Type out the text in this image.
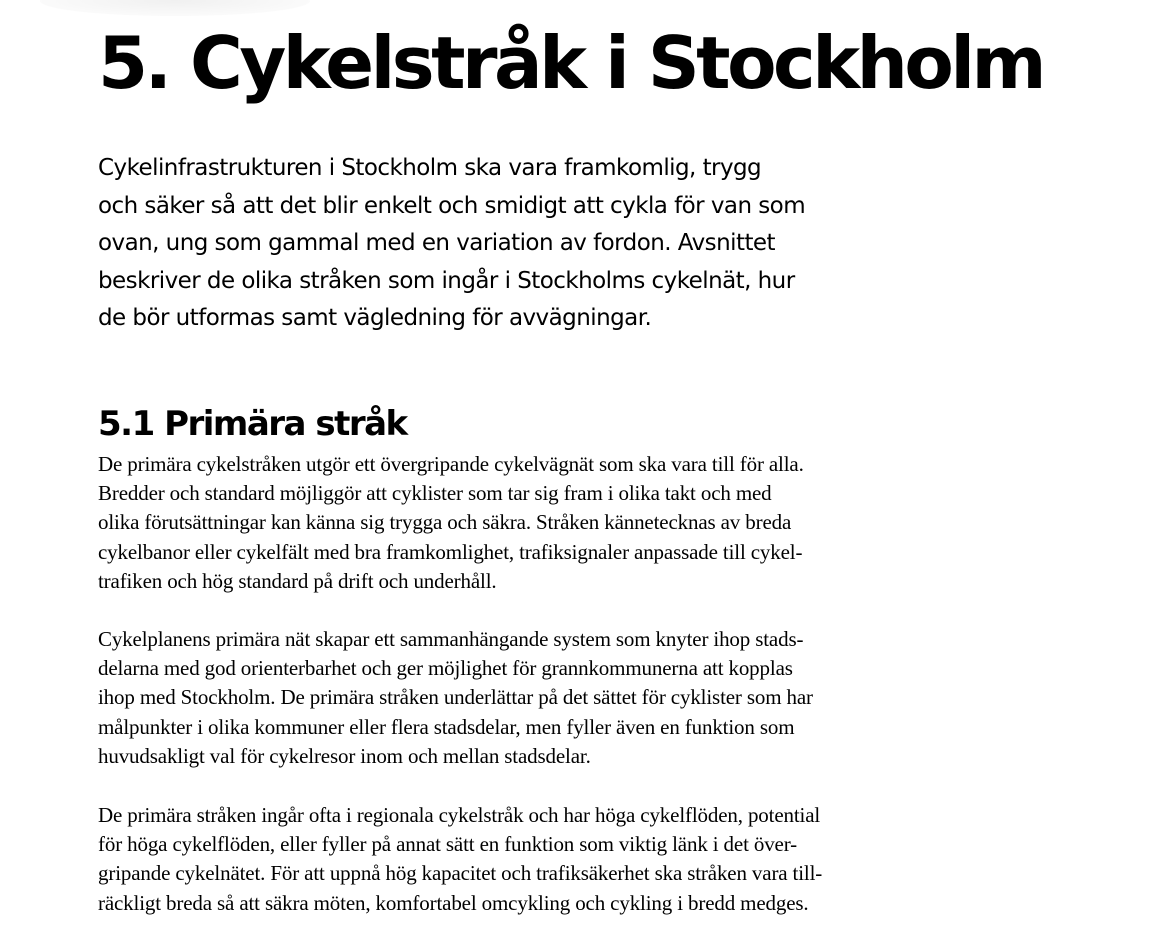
5. Cykelstråk i Stockholm
Cykelinfrastrukturen i Stockholm ska vara framkomlig, trygg
och säker så att det blir enkelt och smidigt att cykla för van som
ovan, ung som gammal med en variation av fordon. Avsnittet
beskriver de olika stråken som ingår i Stockholms cykelnät, hur
de bör utformas samt vägledning för avvägningar.
5.1 Primära stråk
De primära cykelstråken utgör ett övergripande cykelvägnät som ska vara till för alla.
Bredder och standard möjliggör att cyklister som tar sig fram i olika takt och med
olika förutsättningar kan känna sig trygga och säkra. Stråken kännetecknas av breda
cykelbanor eller cykelfält med bra framkomlighet, trafiksignaler anpassade till cykel-
trafiken och hög standard på drift och underhåll.
Cykelplanens primära nät skapar ett sammanhängande system som knyter ihop stads-
delarna med god orienterbarhet och ger möjlighet för grannkommunerna att kopplas
ihop med Stockholm. De primära stråken underlättar på det sättet för cyklister som har
målpunkter i olika kommuner eller flera stadsdelar, men fyller även en funktion som
huvudsakligt val för cykelresor inom och mellan stadsdelar.
De primära stråken ingår ofta i regionala cykelstråk och har höga cykelflöden, potential
för höga cykelflöden, eller fyller på annat sätt en funktion som viktig länk i det över-
gripande cykelnätet. För att uppnå hög kapacitet och trafiksäkerhet ska stråken vara till-
räckligt breda så att säkra möten, komfortabel omcykling och cykling i bredd medges.
